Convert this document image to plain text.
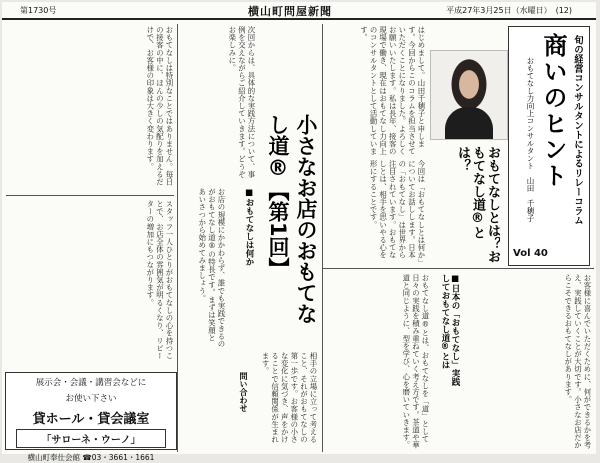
第1730号	横山町問屋新聞	平成27年3月25日（水曜日）　(12)
旬の経営コンサルタントによるリレーコラム
商いのヒント
おもてなし力向上コンサルタント　山田　千穂子
Vol 40
おもてなしとは？おもてなし道®とは？

はじめまして。山田千穂子と申します。今回からこのコラムを担当させていただくことになりました。よろしくお願いいたします。私は長年、接客の現場で働き、現在はおもてなし力向上のコンサルタントとして活動しています。

今回は「おもてなしとは何か」についてお話しします。日本の「おもてなし」は世界から注目されています。おもてなしとは、相手を思いやる心を形にすることです。

■日本の「おもてなし」実践しておもてなし道®とは	お客様に喜んでいただくために、何ができるかを考え、実践していくことが大切です。小さなお店だからこそできるおもてなしがあります。

おもてなし道®とは、おもてなしを「道」として日々の実践を積み重ねていく考え方です。茶道や華道と同じように、型を学び、心を磨いていきます。

小さなお店のおもてなし道®【第1回】

次回からは、具体的な実践方法について、事例を交えながらご紹介していきます。どうぞお楽しみに。

■おもてなしは何か

お店の規模にかかわらず、誰でも実践できるのがおもてなし道®の特長です。まずは笑顔とあいさつから始めてみましょう。

相手の立場に立って考えること、それがおもてなしの第一歩です。お客様の小さな変化に気づき、声をかけることで信頼関係が生まれます。

おもてなしは特別なことではありません。毎日の接客の中に、ほんの少しの気配りを加えるだけで、お客様の印象は大きく変わります。

スタッフ一人ひとりがおもてなしの心を持つことで、お店全体の雰囲気が明るくなり、リピーターの増加にもつながります。

問い合わせ
展示会・会議・講習会などに
お使い下さい
貸ホール・貸会議室
「サローネ・ウーノ」
横山町奉仕会館 ☎03・3661・1661
